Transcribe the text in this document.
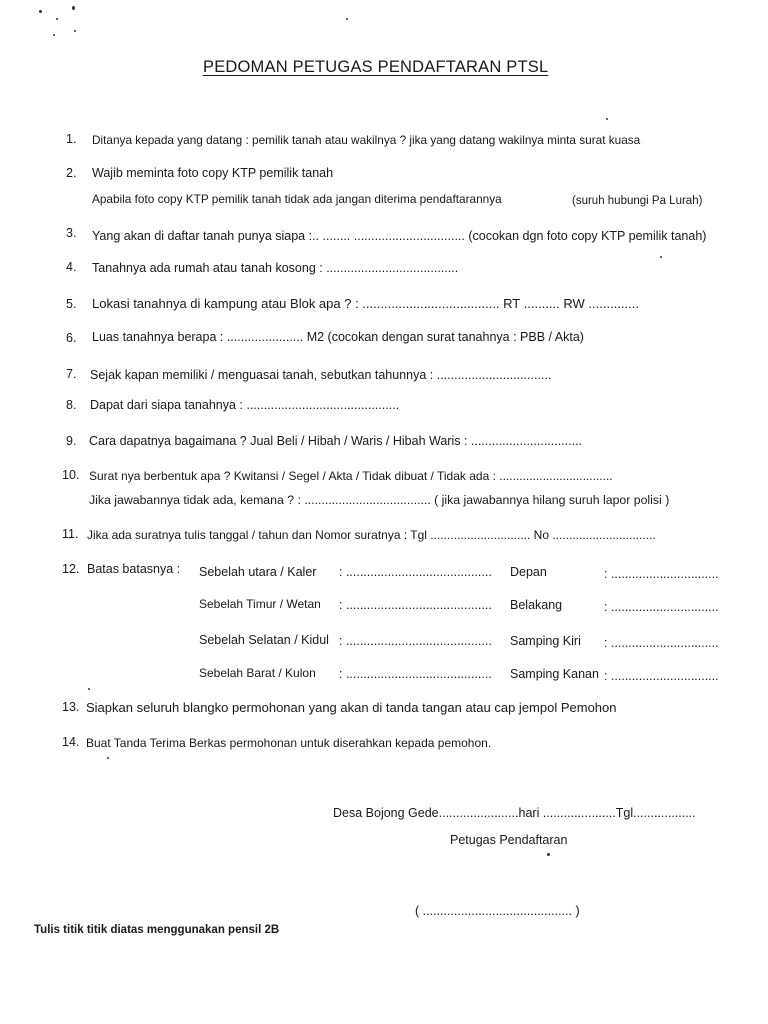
PEDOMAN PETUGAS PENDAFTARAN PTSL
1. Ditanya kepada yang datang : pemilik tanah atau wakilnya ? jika yang datang wakilnya minta surat kuasa
2. Wajib meminta foto copy KTP pemilik tanah
Apabila foto copy KTP pemilik tanah tidak ada jangan diterima pendaftarannya	(suruh hubungi Pa Lurah)
3. Yang akan di daftar tanah punya siapa :.. ........ ................................ (cocokan dgn foto copy KTP pemilik tanah)
4. Tanahnya ada rumah atau tanah kosong : ......................................
5. Lokasi tanahnya di kampung atau Blok apa ? : ...................................... RT .......... RW ..............
6. Luas tanahnya berapa : ...................... M2 (cocokan dengan surat tanahnya : PBB / Akta)
7. Sejak kapan memiliki / menguasai tanah, sebutkan tahunnya : .................................
8. Dapat dari siapa tanahnya : ............................................
9. Cara dapatnya bagaimana ? Jual Beli / Hibah / Waris / Hibah Waris : ................................
10. Surat nya berbentuk apa ? Kwitansi / Segel / Akta / Tidak dibuat / Tidak ada : ..................................
Jika jawabannya tidak ada, kemana ? : ..................................... ( jika jawabannya hilang suruh lapor polisi )
11. Jika ada suratnya tulis tanggal / tahun dan Nomor suratnya : Tgl .............................. No ...............................
12. Batas batasnya : Sebelah utara / Kaler : .......................................... Depan	: ...............................
Sebelah Timur / Wetan : .......................................... Belakang	: ...............................
Sebelah Selatan / Kidul : .......................................... Samping Kiri : ...............................
Sebelah Barat / Kulon : .......................................... Samping Kanan : ...............................
13. Siapkan seluruh blangko permohonan yang akan di tanda tangan atau cap jempol Pemohon
14. Buat Tanda Terima Berkas permohonan untuk diserahkan kepada pemohon.
Desa Bojong Gede.......................hari .....................Tgl..................
Petugas Pendaftaran
( ........................................... )
Tulis titik titik diatas menggunakan pensil 2B
